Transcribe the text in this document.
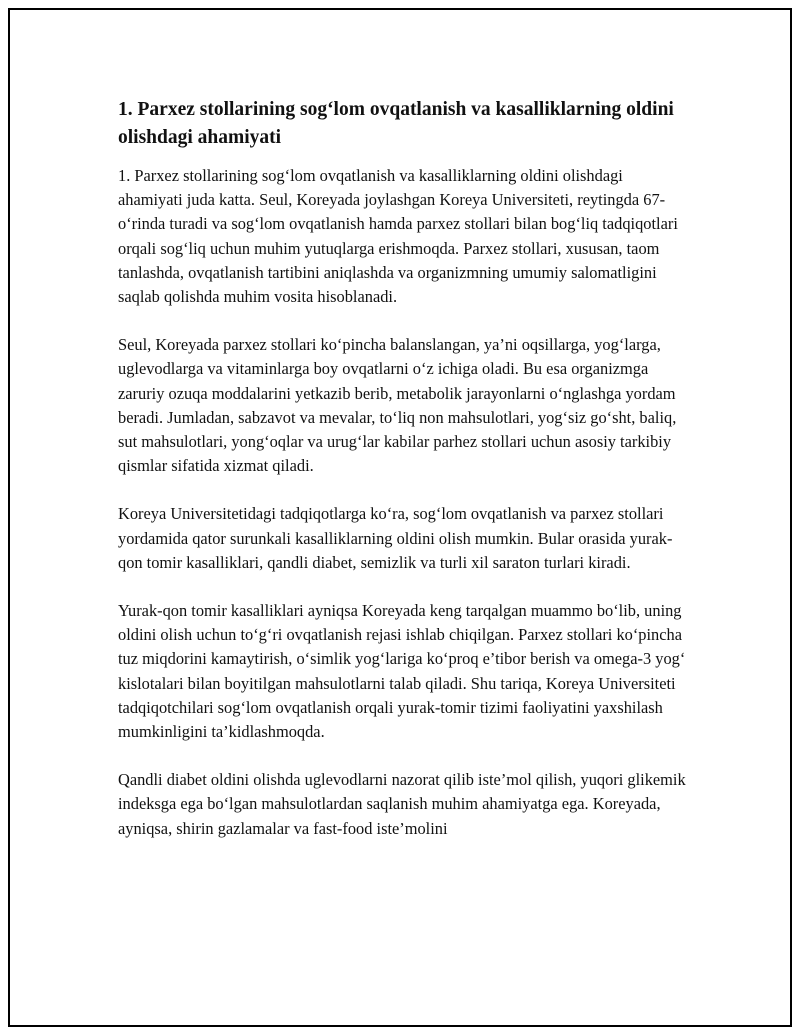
1. Parxez stollarining sog‘lom ovqatlanish va kasalliklarning oldini olishdagi ahamiyati

1. Parxez stollarining sog‘lom ovqatlanish va kasalliklarning oldini olishdagi ahamiyati juda katta. Seul, Koreyada joylashgan Koreya Universiteti, reytingda 67-o‘rinda turadi va sog‘lom ovqatlanish hamda parxez stollari bilan bog‘liq tadqiqotlari orqali sog‘liq uchun muhim yutuqlarga erishmoqda. Parxez stollari, xususan, taom tanlashda, ovqatlanish tartibini aniqlashda va organizmning umumiy salomatligini saqlab qolishda muhim vosita hisoblanadi.

Seul, Koreyada parxez stollari ko‘pincha balanslangan, ya’ni oqsillarga, yog‘larga, uglevodlarga va vitaminlarga boy ovqatlarni o‘z ichiga oladi. Bu esa organizmga zaruriy ozuqa moddalarini yetkazib berib, metabolik jarayonlarni o‘nglashga yordam beradi. Jumladan, sabzavot va mevalar, to‘liq non mahsulotlari, yog‘siz go‘sht, baliq, sut mahsulotlari, yong‘oqlar va urug‘lar kabilar parhez stollari uchun asosiy tarkibiy qismlar sifatida xizmat qiladi.

Koreya Universitetidagi tadqiqotlarga ko‘ra, sog‘lom ovqatlanish va parxez stollari yordamida qator surunkali kasalliklarning oldini olish mumkin. Bular orasida yurak-qon tomir kasalliklari, qandli diabet, semizlik va turli xil saraton turlari kiradi.

Yurak-qon tomir kasalliklari ayniqsa Koreyada keng tarqalgan muammo bo‘lib, uning oldini olish uchun to‘g‘ri ovqatlanish rejasi ishlab chiqilgan. Parxez stollari ko‘pincha tuz miqdorini kamaytirish, o‘simlik yog‘lariga ko‘proq e’tibor berish va omega-3 yog‘ kislotalari bilan boyitilgan mahsulotlarni talab qiladi. Shu tariqa, Koreya Universiteti tadqiqotchilari sog‘lom ovqatlanish orqali yurak-tomir tizimi faoliyatini yaxshilash mumkinligini ta’kidlashmoqda.

Qandli diabet oldini olishda uglevodlarni nazorat qilib iste’mol qilish, yuqori glikemik indeksga ega bo‘lgan mahsulotlardan saqlanish muhim ahamiyatga ega. Koreyada, ayniqsa, shirin gazlamalar va fast-food iste’molini
